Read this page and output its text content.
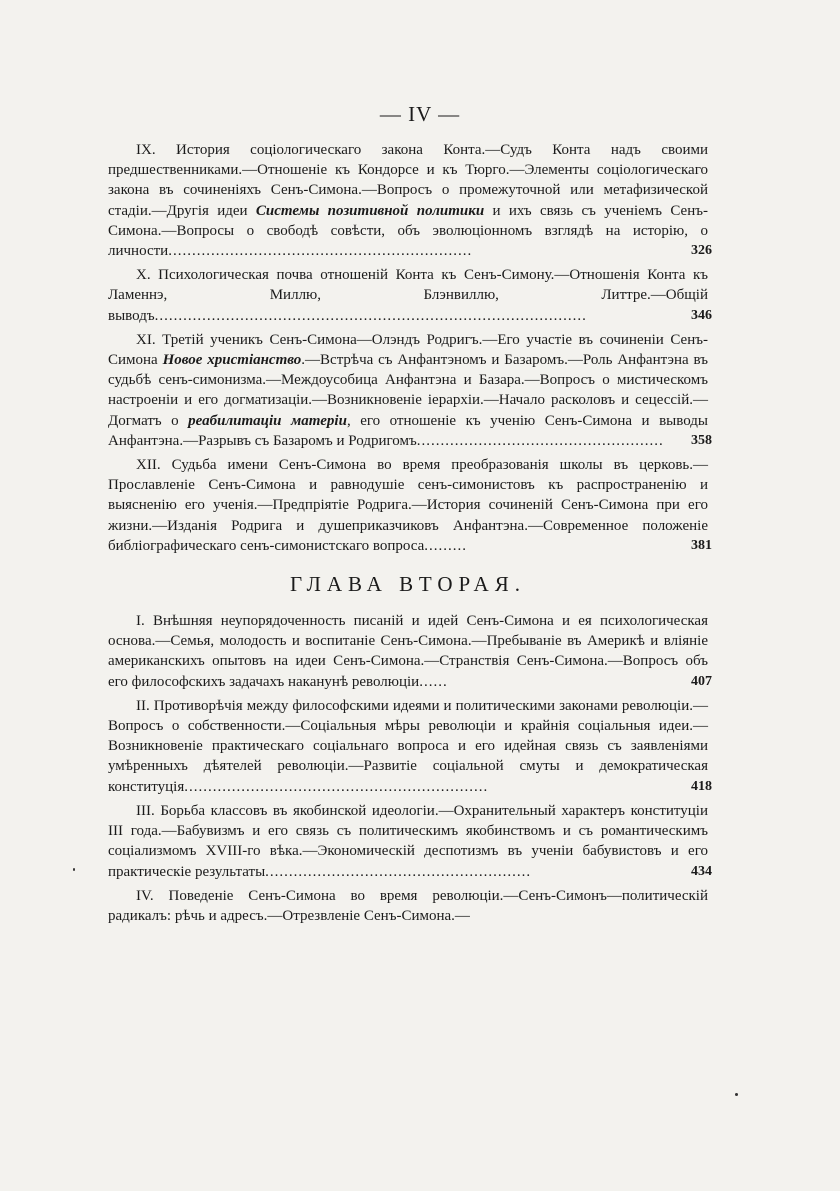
— IV —
IX. История соціологическаго закона Конта.—Судъ Конта надъ своими предшественниками.—Отношеніе къ Кондорсе и къ Тюрго.—Элементы соціологическаго закона въ сочиненіяхъ Сенъ-Симона.—Вопросъ о промежуточной или метафизической стадіи.—Другія идеи Системы позитивной политики и ихъ связь съ ученіемъ Сенъ-Симона.—Вопросы о свободѣ совѣсти, объ эволюціонномъ взглядѣ на исторію, о личности................................................................	326
X. Психологическая почва отношеній Конта къ Сенъ-Симону.—Отношенія Конта къ Ламеннэ, Миллю, Блэнвиллю, Литтре.—Общій выводъ...........................................................................................	346
XI. Третій ученикъ Сенъ-Симона—Олэндъ Родригъ.—Его участіе въ сочиненіи Сенъ-Симона Новое христіанство.—Встрѣча съ Анфантэномъ и Базаромъ.—Роль Анфантэна въ судьбѣ сенъ-симонизма.—Междоусобица Анфантэна и Базара.—Вопросъ о мистическомъ настроеніи и его догматизаціи.—Возникновеніе іерархіи.—Начало расколовъ и сецессій.—Догматъ о реабилитаціи матеріи, его отношеніе къ ученію Сенъ-Симона и выводы Анфантэна.—Разрывъ съ Базаромъ и Родригомъ....................................................	358
XII. Судьба имени Сенъ-Симона во время преобразованія школы въ церковь.—Прославленіе Сенъ-Симона и равнодушіе сенъ-симонистовъ къ распространенію и выясненію его ученія.—Предпріятіе Родрига.—История сочиненій Сенъ-Симона при его жизни.—Изданія Родрига и душеприказчиковъ Анфантэна.—Современное положеніе библіографическаго сенъ-симонистскаго вопроса.........	381
ГЛАВА ВТОРАЯ.
I. Внѣшняя неупорядоченность писаній и идей Сенъ-Симона и ея психологическая основа.—Семья, молодость и воспитаніе Сенъ-Симона.—Пребываніе въ Америкѣ и вліяніе американскихъ опытовъ на идеи Сенъ-Симона.—Странствія Сенъ-Симона.—Вопросъ объ его философскихъ задачахъ наканунѣ революціи......	407
II. Противорѣчія между философскими идеями и политическими законами революціи.—Вопросъ о собственности.—Соціальныя мѣры революціи и крайнія соціальныя идеи.—Возникновеніе практическаго соціальнаго вопроса и его идейная связь съ заявленіями умѣренныхъ дѣятелей революціи.—Развитіе соціальной смуты и демократическая конституція................................................................	418
III. Борьба классовъ въ якобинской идеологіи.—Охранительный характеръ конституціи III года.—Бабувизмъ и его связь съ политическимъ якобинствомъ и съ романтическимъ соціализмомъ XVIII-го вѣка.—Экономическій деспотизмъ въ ученіи бабувистовъ и его практическіе результаты........................................................	434
IV. Поведеніе Сенъ-Симона во время революціи.—Сенъ-Симонъ—политическій радикалъ: рѣчь и адресъ.—Отрезвленіе Сенъ-Симона.—
